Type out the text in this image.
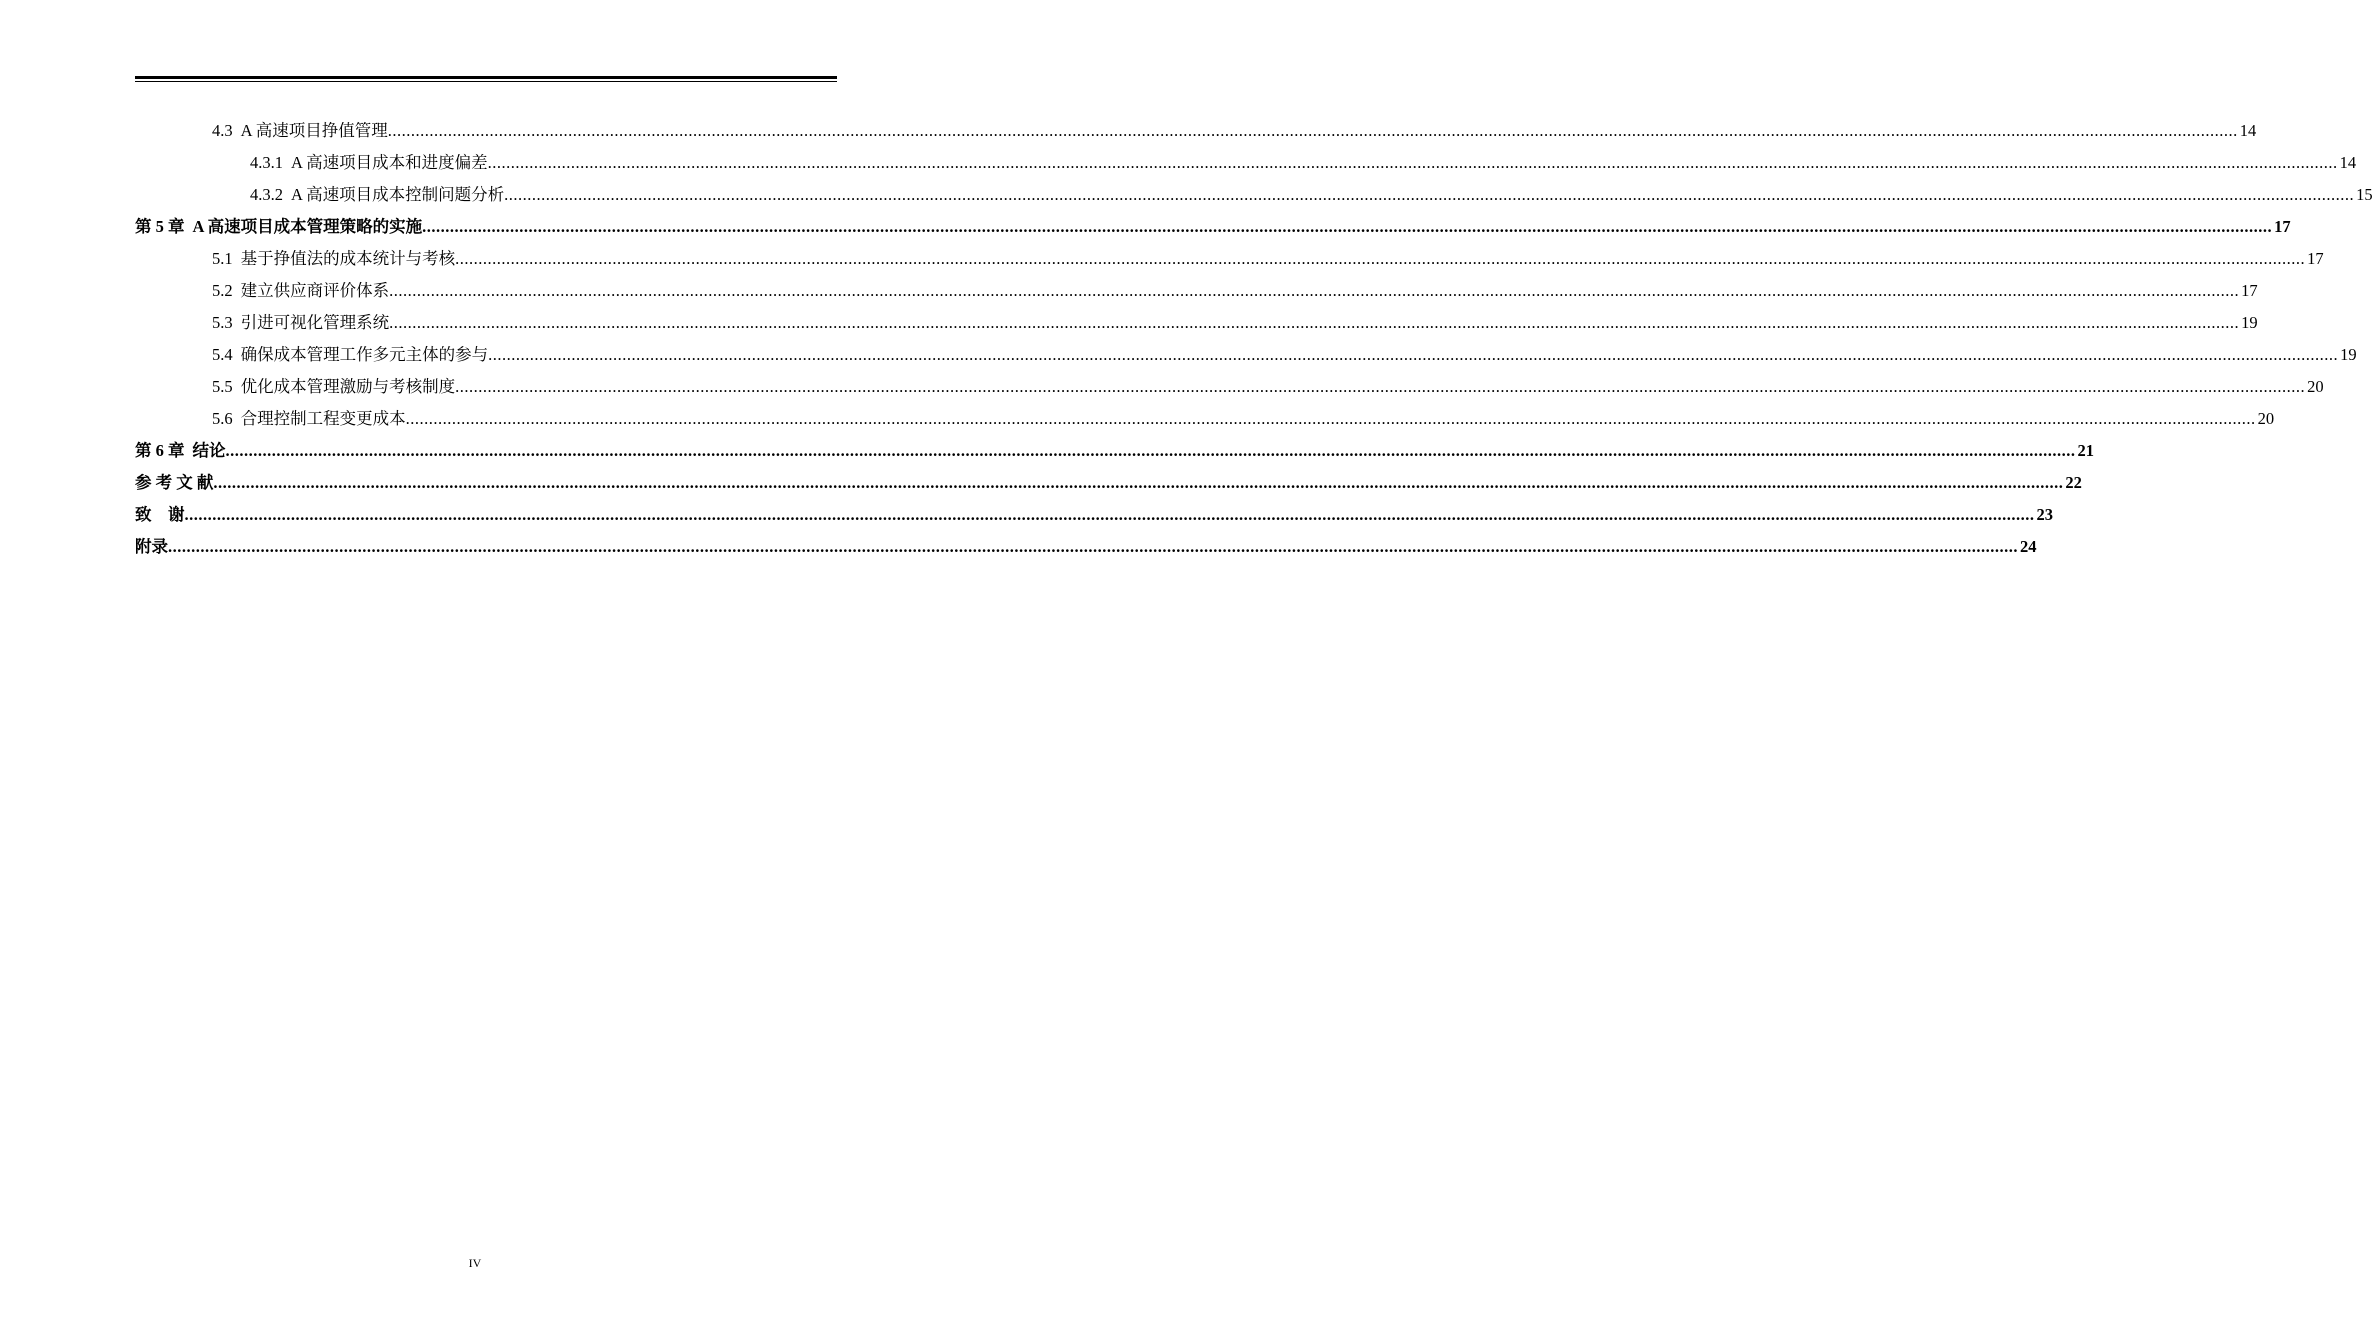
4.3 A 高速项目挣值管理 ................................................................................................................................................................................................................................................................................................................................................................................................................ 14
4.3.1 A 高速项目成本和进度偏差 ................................................................................................................................................................................................................................................................................................................................................................................................................ 14
4.3.2 A 高速项目成本控制问题分析 ................................................................................................................................................................................................................................................................................................................................................................................................................ 15
第 5 章 A 高速项目成本管理策略的实施 ................................................................................................................................................................................................................................................................................................................................................................................................................ 17
5.1 基于挣值法的成本统计与考核 ................................................................................................................................................................................................................................................................................................................................................................................................................ 17
5.2 建立供应商评价体系 ................................................................................................................................................................................................................................................................................................................................................................................................................ 17
5.3 引进可视化管理系统 ................................................................................................................................................................................................................................................................................................................................................................................................................ 19
5.4 确保成本管理工作多元主体的参与 ................................................................................................................................................................................................................................................................................................................................................................................................................ 19
5.5 优化成本管理激励与考核制度 ................................................................................................................................................................................................................................................................................................................................................................................................................ 20
5.6 合理控制工程变更成本 ................................................................................................................................................................................................................................................................................................................................................................................................................ 20
第 6 章 结论 ................................................................................................................................................................................................................................................................................................................................................................................................................ 21
参 考 文 献 ................................................................................................................................................................................................................................................................................................................................................................................................................ 22
致　谢 ................................................................................................................................................................................................................................................................................................................................................................................................................ 23
附录 ................................................................................................................................................................................................................................................................................................................................................................................................................ 24
IV
